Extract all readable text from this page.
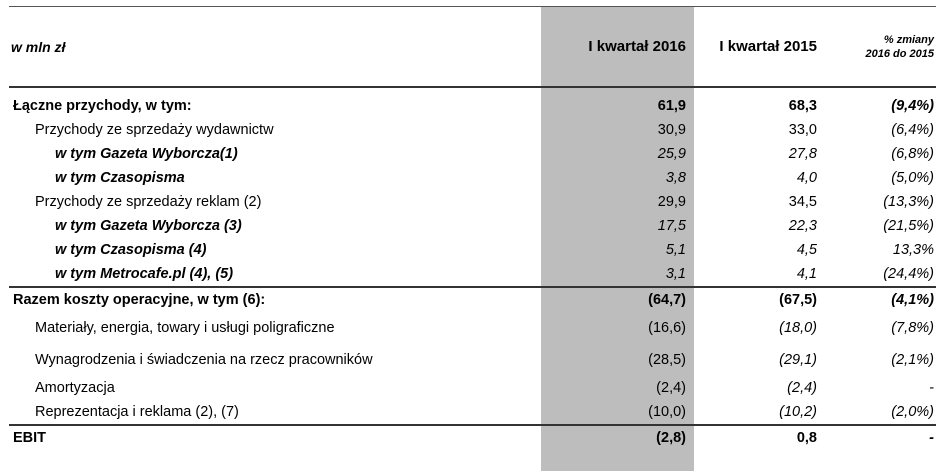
w mln zł	I kwartał 2016	I kwartał 2015	% zmiany
2016 do 2015
Łączne przychody, w tym:	61,9	68,3	(9,4%)
Przychody ze sprzedaży wydawnictw	30,9	33,0	(6,4%)
w tym Gazeta Wyborcza(1)	25,9	27,8	(6,8%)
w tym Czasopisma	3,8	4,0	(5,0%)
Przychody ze sprzedaży reklam (2)	29,9	34,5	(13,3%)
w tym Gazeta Wyborcza (3)	17,5	22,3	(21,5%)
w tym Czasopisma (4)	5,1	4,5	13,3%
w tym Metrocafe.pl (4), (5)	3,1	4,1	(24,4%)
Razem koszty operacyjne, w tym (6):	(64,7)	(67,5)	(4,1%)
Materiały, energia, towary i usługi poligraficzne	(16,6)	(18,0)	(7,8%)
Wynagrodzenia i świadczenia na rzecz pracowników	(28,5)	(29,1)	(2,1%)
Amortyzacja	(2,4)	(2,4)	-
Reprezentacja i reklama (2), (7)	(10,0)	(10,2)	(2,0%)
EBIT	(2,8)	0,8	-
